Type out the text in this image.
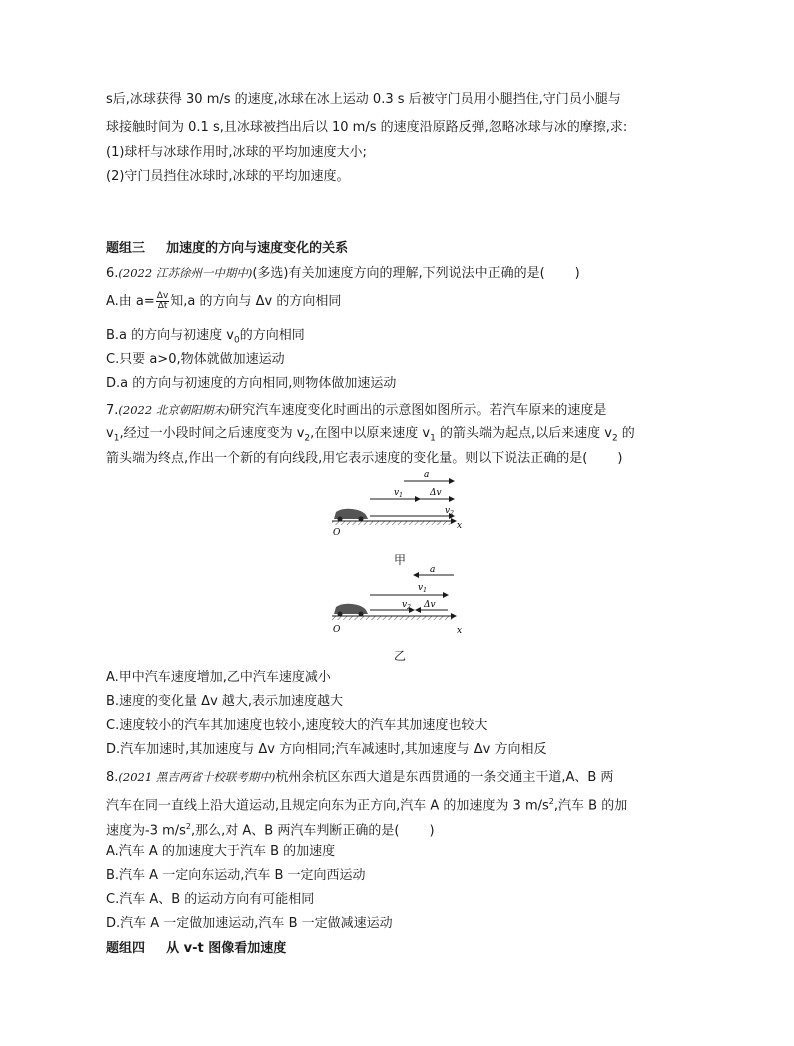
s后,冰球获得 30 m/s 的速度,冰球在冰上运动 0.3 s 后被守门员用小腿挡住,守门员小腿与
球接触时间为 0.1 s,且冰球被挡出后以 10 m/s 的速度沿原路反弹,忽略冰球与冰的摩擦,求:
(1)球杆与冰球作用时,冰球的平均加速度大小;
(2)守门员挡住冰球时,冰球的平均加速度。
题组三 加速度的方向与速度变化的关系
6.(2022 江苏徐州一中期中)(多选)有关加速度方向的理解,下列说法中正确的是( )
A.由 $a= \frac{\Delta v}{\Delta t}$ 知,a 的方向与 Δv 的方向相同
B.a 的方向与初速度 $v_0$的方向相同
C.只要 a>0,物体就做加速运动
D.a 的方向与初速度的方向相同,则物体做加速运动
7.(2022 北京朝阳期末)研究汽车速度变化时画出的示意图如图所示。若汽车原来的速度是
$v_1$,经过一小段时间之后速度变为 $v_2$,在图中以原来速度 $v_1$ 的箭头端为起点,以后来速度 $v_2$ 的
箭头端为终点,作出一个新的有向线段,用它表示速度的变化量。则以下说法正确的是( )
a
$v_1$	Δv
$v_2$
O
x
甲
a
$v_1$
$v_2$ Δv
O	x
乙
A.甲中汽车速度增加,乙中汽车速度减小
B.速度的变化量 Δv 越大,表示加速度越大
C.速度较小的汽车其加速度也较小,速度较大的汽车其加速度也较大
D.汽车加速时,其加速度与 Δv 方向相同;汽车减速时,其加速度与 Δv 方向相反
8.(2021 黑吉两省十校联考期中)杭州余杭区东西大道是东西贯通的一条交通主干道,A、B 两
汽车在同一直线上沿大道运动,且规定向东为正方向,汽车 A 的加速度为 3 $m/s^2$,汽车 B 的加
速度为-3 $m/s^2$,那么,对 A、B 两汽车判断正确的是( )
A.汽车 A 的加速度大于汽车 B 的加速度
B.汽车 A 一定向东运动,汽车 B 一定向西运动
C.汽车 A、B 的运动方向有可能相同
D.汽车 A 一定做加速运动,汽车 B 一定做减速运动
题组四 从 v-t 图像看加速度
